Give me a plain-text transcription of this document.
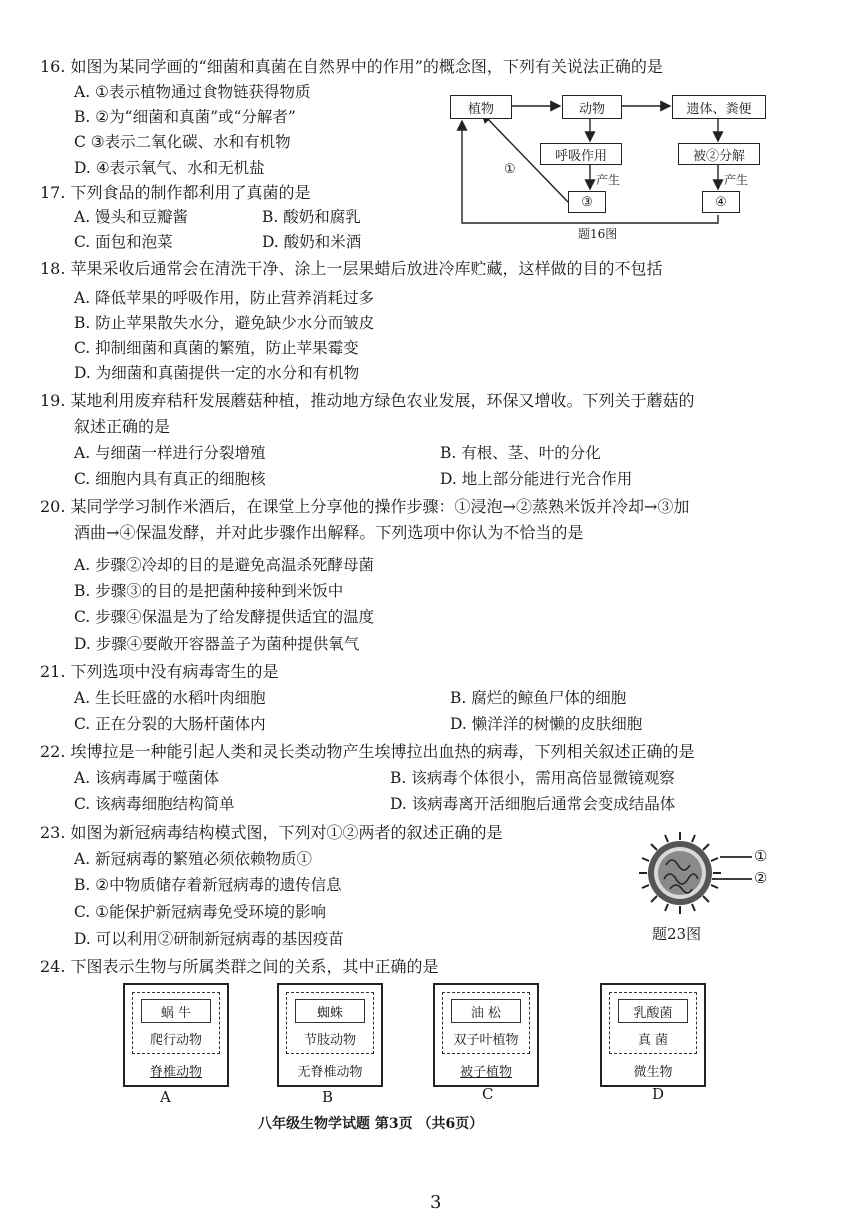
16. 如图为某同学画的“细菌和真菌在自然界中的作用”的概念图，下列有关说法正确的是
A. ①表示植物通过食物链获得物质
B. ②为“细菌和真菌”或“分解者”
C ③表示二氧化碳、水和有机物
D. ④表示氧气、水和无机盐
植物	动物	遗体、粪便
呼吸作用	被②分解
③	④
①
产生	产生
题16图
17. 下列食品的制作都利用了真菌的是
A. 馒头和豆瓣酱	B. 酸奶和腐乳
C. 面包和泡菜	D. 酸奶和米酒
18. 苹果采收后通常会在清洗干净、涂上一层果蜡后放进冷库贮藏，这样做的目的不包括
A. 降低苹果的呼吸作用，防止营养消耗过多
B. 防止苹果散失水分，避免缺少水分而皱皮
C. 抑制细菌和真菌的繁殖，防止苹果霉变
D. 为细菌和真菌提供一定的水分和有机物
19. 某地利用废弃秸秆发展蘑菇种植，推动地方绿色农业发展，环保又增收。下列关于蘑菇的
叙述正确的是
A. 与细菌一样进行分裂增殖	B. 有根、茎、叶的分化
C. 细胞内具有真正的细胞核	D. 地上部分能进行光合作用
20. 某同学学习制作米酒后，在课堂上分享他的操作步骤：①浸泡→②蒸熟米饭并冷却→③加
酒曲→④保温发酵，并对此步骤作出解释。下列选项中你认为不恰当的是
A. 步骤②冷却的目的是避免高温杀死酵母菌
B. 步骤③的目的是把菌种接种到米饭中
C. 步骤④保温是为了给发酵提供适宜的温度
D. 步骤④要敞开容器盖子为菌种提供氧气
21. 下列选项中没有病毒寄生的是
A. 生长旺盛的水稻叶肉细胞	B. 腐烂的鲸鱼尸体的细胞
C. 正在分裂的大肠杆菌体内	D. 懒洋洋的树懒的皮肤细胞
22. 埃博拉是一种能引起人类和灵长类动物产生埃博拉出血热的病毒，下列相关叙述正确的是
A. 该病毒属于噬菌体	B. 该病毒个体很小，需用高倍显微镜观察
C. 该病毒细胞结构简单	D. 该病毒离开活细胞后通常会变成结晶体
23. 如图为新冠病毒结构模式图，下列对①②两者的叙述正确的是
A. 新冠病毒的繁殖必须依赖物质①
B. ②中物质储存着新冠病毒的遗传信息
C. ①能保护新冠病毒免受环境的影响
D. 可以利用②研制新冠病毒的基因疫苗
①
②
题23图
24. 下图表示生物与所属类群之间的关系，其中正确的是
蜗 牛
爬行动物
脊椎动物
A
蜘蛛
节肢动物
无脊椎动物
B
油 松
双子叶植物
被子植物
C
乳酸菌
真 菌
微生物
D
八年级生物学试题 第3页 （共6页）
3
